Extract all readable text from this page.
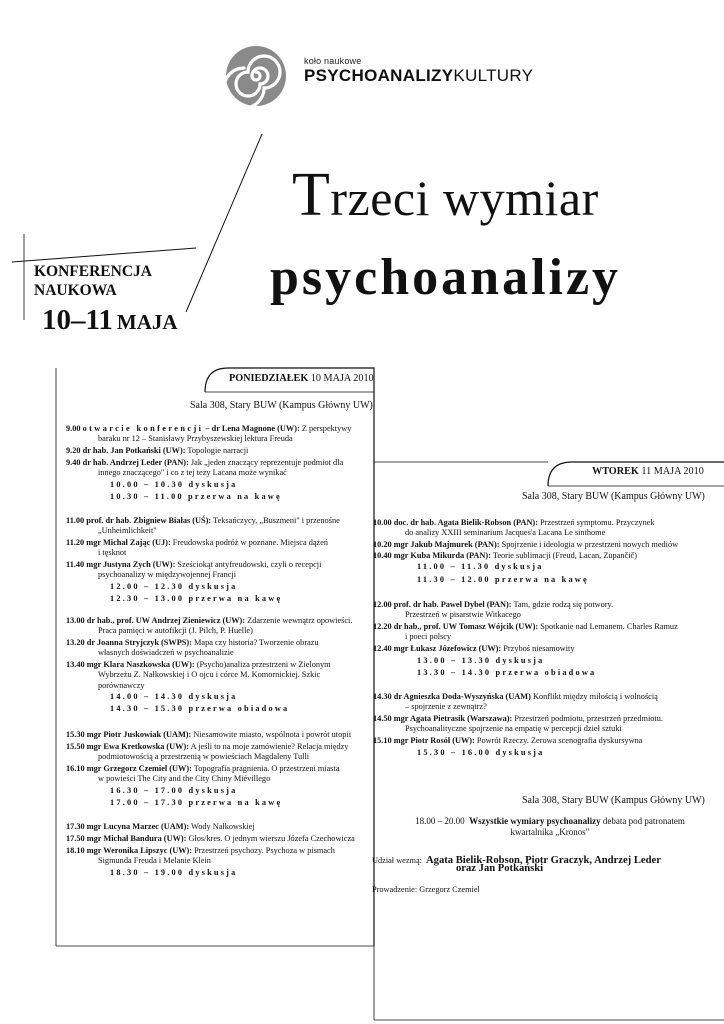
koło naukowe
PSYCHOANALIZYKULTURY
Trzeci wymiar
psychoanalizy
KONFERENCJA
NAUKOWA
10–11 MAJA
PONIEDZIAŁEK 10 MAJA 2010
Sala 308, Stary BUW (Kampus Główny UW)
9.00 otwarcie konferencji – dr Lena Magnone (UW): Z perspektywy
baraku nr 12 – Stanisławy Przybyszewskiej lektura Freuda
9.20 dr hab. Jan Potkański (UW): Topologie narracji
9.40 dr hab. Andrzej Leder (PAN): Jak „jeden znaczący reprezentuje podmiot dla
innego znaczącego" i co z tej tezy Lacana może wynikać
10.00 – 10.30 dyskusja
10.30 – 11.00 przerwa na kawę
11.00 prof. dr hab. Zbigniew Białas (UŚ): Teksańczycy, „Buszmeni" i przenośne
„Unheimlichkeit"
11.20 mgr Michał Zając (UJ): Freudowska podróż w poznane. Miejsca dążeń
i tęsknot
11.40 mgr Justyna Zych (UW): Sześciokąt antyfreudowski, czyli o recepcji
psychoanalizy w międzywojennej Francji
12.00 – 12.30 dyskusja
12.30 – 13.00 przerwa na kawę
13.00 dr hab., prof. UW Andrzej Zieniewicz (UW): Zdarzenie wewnątrz opowieści.
Praca pamięci w autofikcji (J. Pilch, P. Huelle)
13.20 dr Joanna Stryjczyk (SWPS): Mapa czy historia? Tworzenie obrazu
własnych doświadczeń w psychoanalizie
13.40 mgr Klara Naszkowska (UW): (Psycho)analiza przestrzeni w Zielonym
Wybrzeżu Z. Nałkowskiej i O ojcu i córce M. Komornickiej. Szkic
porównawczy
14.00 – 14.30 dyskusja
14.30 – 15.30 przerwa obiadowa
15.30 mgr Piotr Juskowiak (UAM): Niesamowite miasto, wspólnota i powrót utopii
15.50 mgr Ewa Kretkowska (UW): A jeśli to na moje zamówienie? Relacja między
podmiotowością a przestrzenią w powieściach Magdaleny Tulli
16.10 mgr Grzegorz Czemiel (UW): Topografia pragnienia. O przestrzeni miasta
w powieści The City and the City Chiny Miévillego
16.30 – 17.00 dyskusja
17.00 – 17.30 przerwa na kawę
17.30 mgr Lucyna Marzec (UAM): Wody Nałkowskiej
17.50 mgr Michał Bandura (UW): Głos/kres. O jednym wierszu Józefa Czechowicza
18.10 mgr Weronika Lipszyc (UW): Przestrzeń psychozy. Psychoza w pismach
Sigmunda Freuda i Melanie Klein
18.30 – 19.00 dyskusja
WTOREK 11 MAJA 2010
Sala 308, Stary BUW (Kampus Główny UW)
10.00 doc. dr hab. Agata Bielik-Robson (PAN): Przestrzeń symptomu. Przyczynek
do analizy XXIII seminarium Jacques'a Lacana Le sinthome
10.20 mgr Jakub Majmurek (PAN): Spojrzenie i ideologia w przestrzeni nowych mediów
10.40 mgr Kuba Mikurda (PAN): Teorie sublimacji (Freud, Lacan, Zupančič)
11.00 – 11.30 dyskusja
11.30 – 12.00 przerwa na kawę
12.00 prof. dr hab. Paweł Dybel (PAN): Tam, gdzie rodzą się potwory.
Przestrzeń w pisarstwie Witkacego
12.20 dr hab., prof. UW Tomasz Wójcik (UW): Spotkanie nad Lemanem. Charles Ramuz
i poeci polscy
12.40 mgr Łukasz Józefowicz (UW): Przyboś niesamowity
13.00 – 13.30 dyskusja
13.30 – 14.30 przerwa obiadowa
14.30 dr Agnieszka Doda-Wyszyńska (UAM) Konflikt między miłością i wolnością
– spojrzenie z zewnątrz?
14.50 mgr Agata Pietrasik (Warszawa): Przestrzeń podmiotu, przestrzeń przedmiotu.
Psychoanalityczne spojrzenie na empatię w percepcji dzieł sztuki
15.10 mgr Piotr Rosół (UW): Powrót Rzeczy. Zerowa scenografia dyskursywna
15.30 – 16.00 dyskusja
Sala 308, Stary BUW (Kampus Główny UW)
18.00 – 20.00 Wszystkie wymiary psychoanalizy debata pod patronatem
kwartalnika „Kronos"
Udział wezmą: Agata Bielik-Robson, Piotr Graczyk, Andrzej Leder
oraz Jan Potkański
Prowadzenie: Grzegorz Czemiel
